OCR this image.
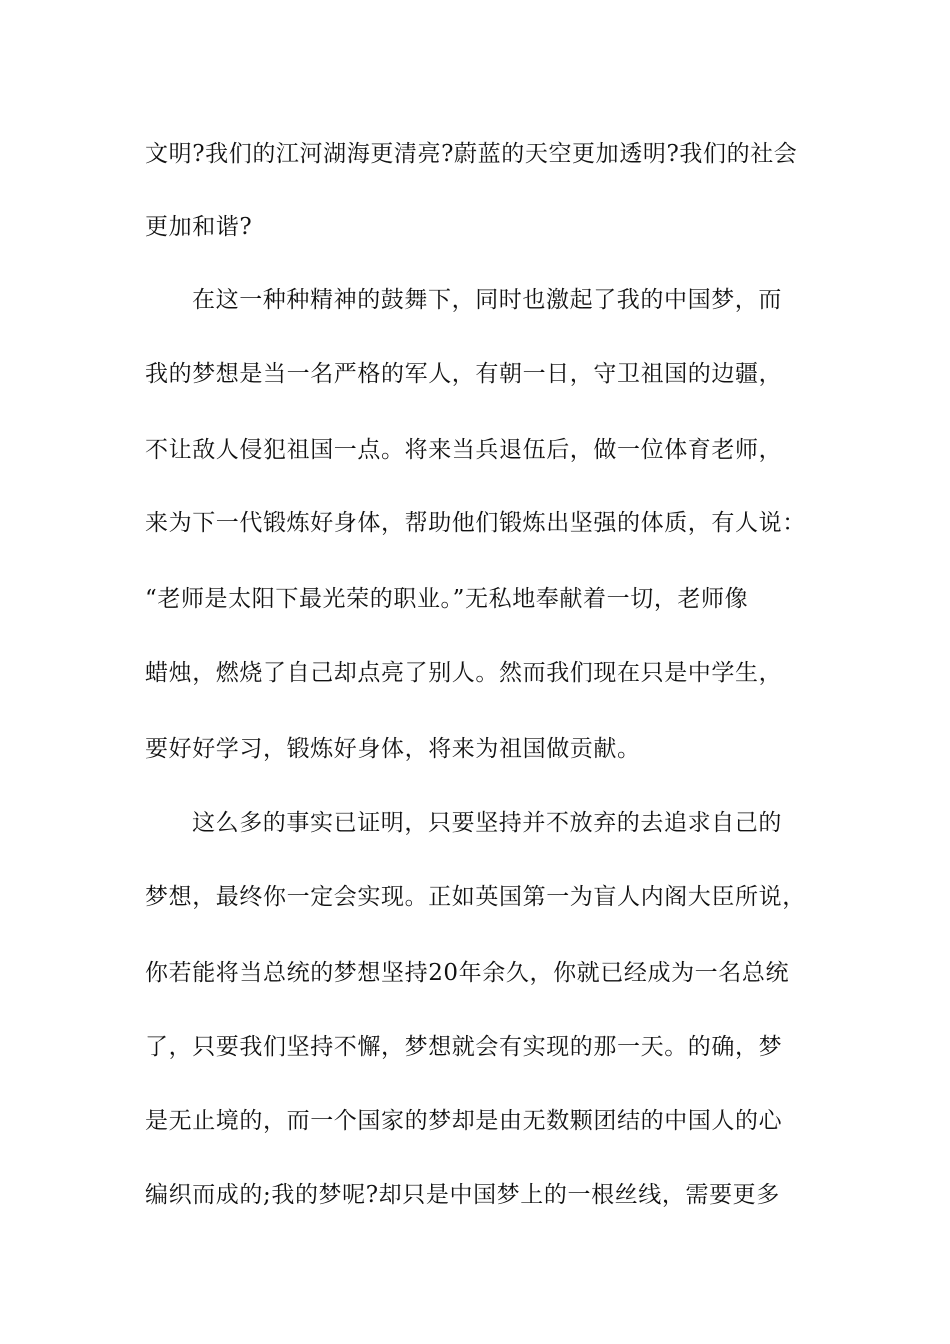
文明?我们的江河湖海更清亮?蔚蓝的天空更加透明?我们的社会
更加和谐?
在这一种种精神的鼓舞下，同时也激起了我的中国梦，而
我的梦想是当一名严格的军人，有朝一日，守卫祖国的边疆，
不让敌人侵犯祖国一点。将来当兵退伍后，做一位体育老师，
来为下一代锻炼好身体，帮助他们锻炼出坚强的体质，有人说：
“老师是太阳下最光荣的职业。”无私地奉献着一切，老师像
蜡烛，燃烧了自己却点亮了别人。然而我们现在只是中学生，
要好好学习，锻炼好身体，将来为祖国做贡献。
这么多的事实已证明，只要坚持并不放弃的去追求自己的
梦想，最终你一定会实现。正如英国第一为盲人内阁大臣所说，
你若能将当总统的梦想坚持20年余久，你就已经成为一名总统
了，只要我们坚持不懈，梦想就会有实现的那一天。的确，梦
是无止境的，而一个国家的梦却是由无数颗团结的中国人的心
编织而成的;我的梦呢?却只是中国梦上的一根丝线，需要更多
